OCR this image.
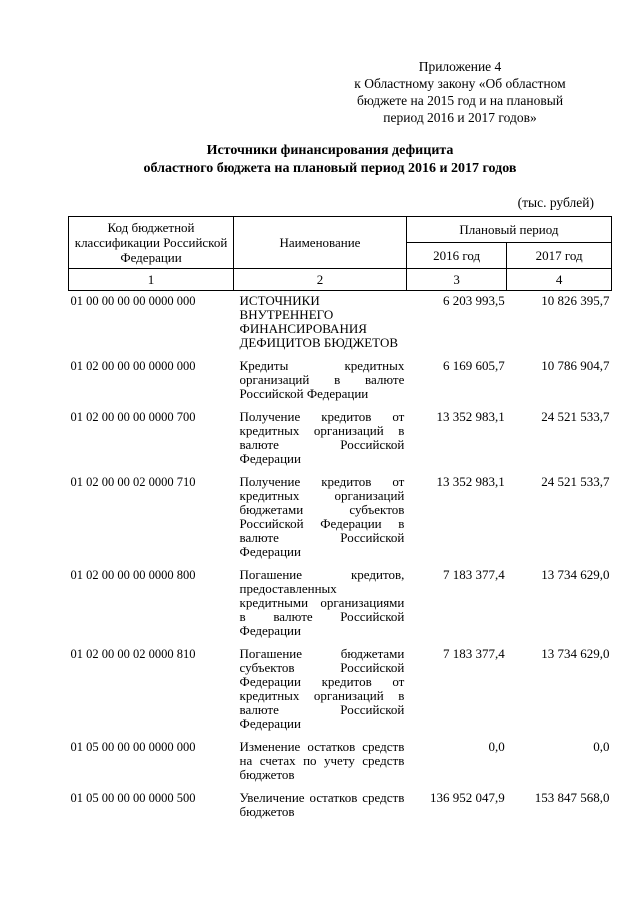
Приложение 4
к Областному закону «Об областном
бюджете на 2015 год и на плановый
период 2016 и 2017 годов»
Источники финансирования дефицита
областного бюджета на плановый период 2016 и 2017 годов
(тыс. рублей)
Код бюджетной классификации Российской Федерации	Наименование	Плановый период	
		2016 год	2017 год
1	2	3	4
01 00 00 00 00 0000 000	ИСТОЧНИКИ ВНУТРЕННЕГО ФИНАНСИРОВАНИЯ ДЕФИЦИТОВ БЮДЖЕТОВ	6 203 993,5	10 826 395,7
01 02 00 00 00 0000 000	Кредиты кредитных организаций в валюте Российской Федерации	6 169 605,7	10 786 904,7
01 02 00 00 00 0000 700	Получение кредитов от кредитных организаций в валюте Российской Федерации	13 352 983,1	24 521 533,7
01 02 00 00 02 0000 710	Получение кредитов от кредитных организаций бюджетами субъектов Российской Федерации в валюте Российской Федерации	13 352 983,1	24 521 533,7
01 02 00 00 00 0000 800	Погашение кредитов, предоставленных кредитными организациями в валюте Российской Федерации	7 183 377,4	13 734 629,0
01 02 00 00 02 0000 810	Погашение бюджетами субъектов Российской Федерации кредитов от кредитных организаций в валюте Российской Федерации	7 183 377,4	13 734 629,0
01 05 00 00 00 0000 000	Изменение остатков средств на счетах по учету средств бюджетов	0,0	0,0
01 05 00 00 00 0000 500	Увеличение остатков средств бюджетов	136 952 047,9	153 847 568,0
